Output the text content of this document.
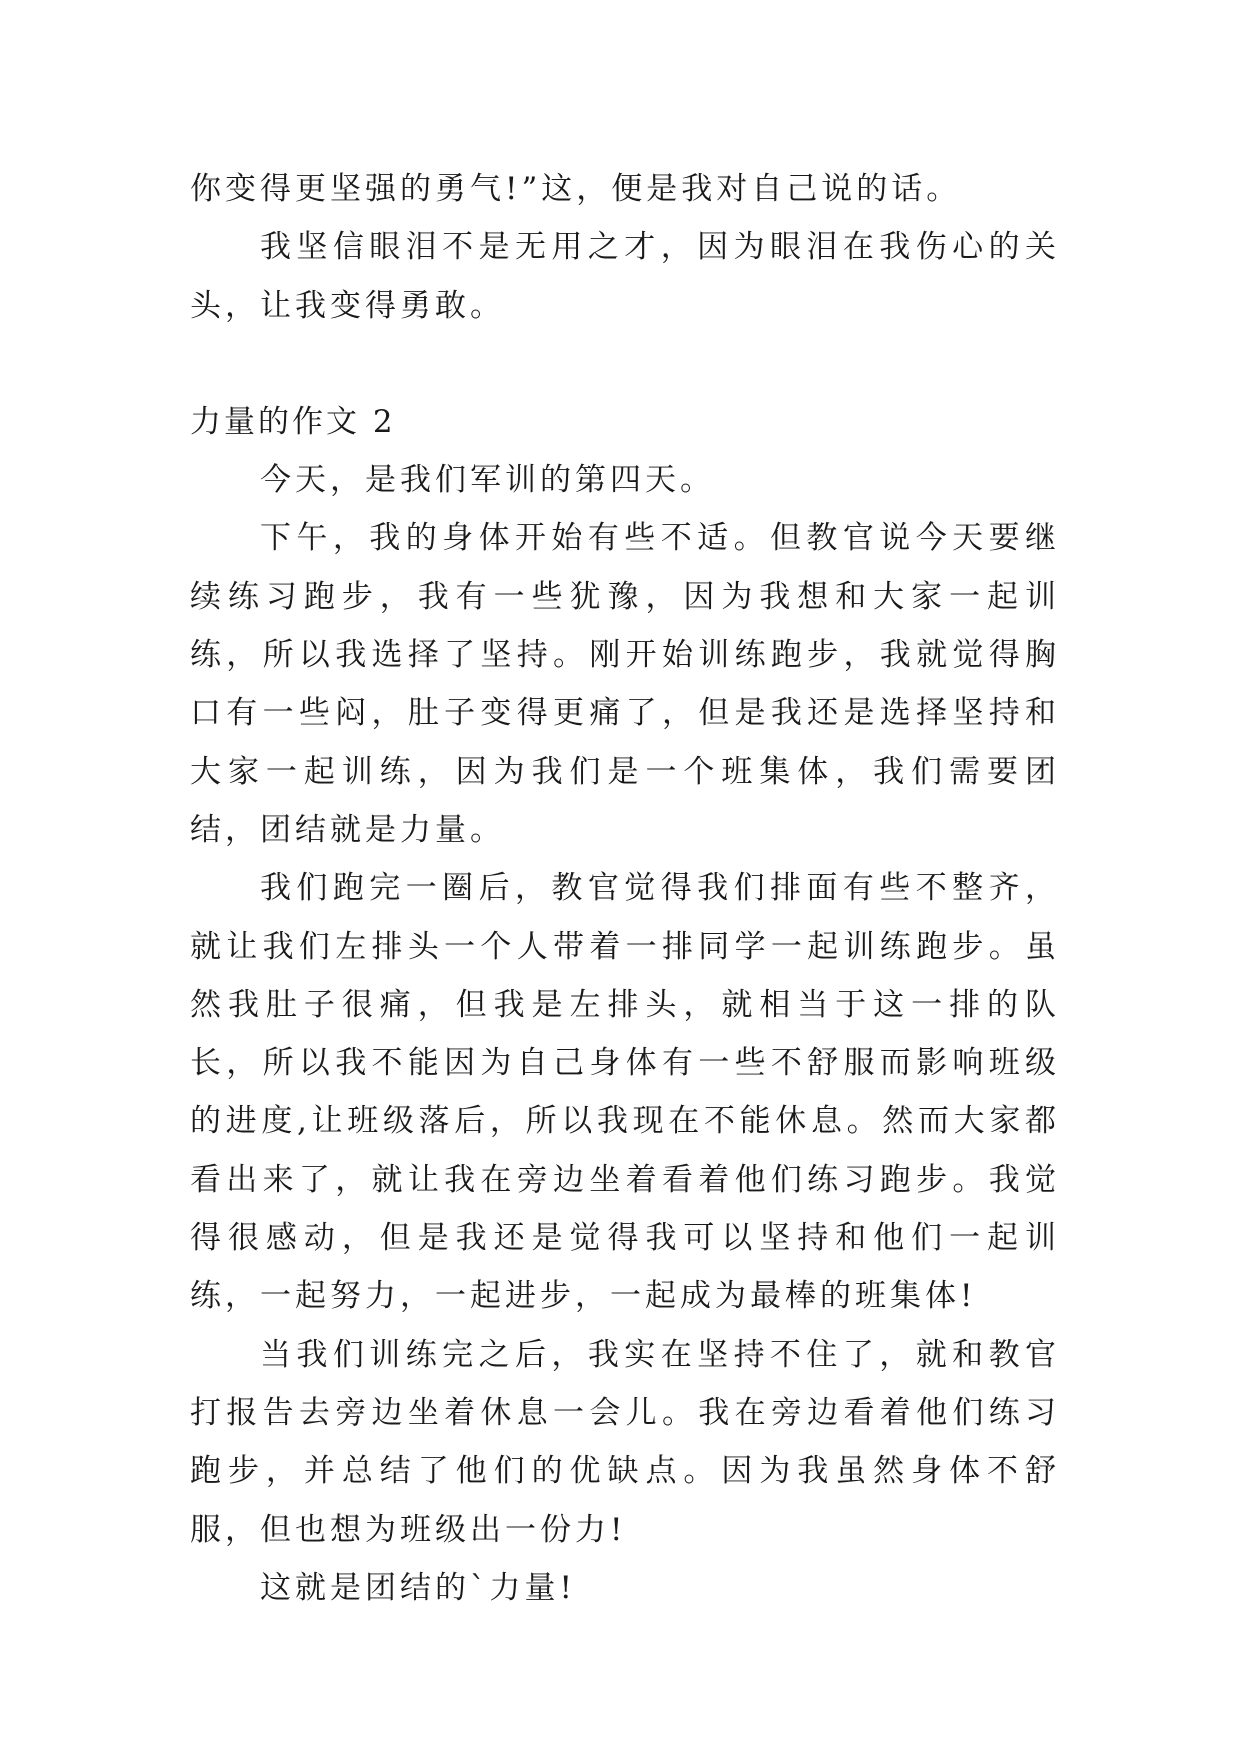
你变得更坚强的勇气!”这，便是我对自己说的话。

我坚信眼泪不是无用之才，因为眼泪在我伤心的关头，让我变得勇敢。

力量的作文 2

今天，是我们军训的第四天。

下午，我的身体开始有些不适。但教官说今天要继续练习跑步，我有一些犹豫，因为我想和大家一起训练，所以我选择了坚持。刚开始训练跑步，我就觉得胸口有一些闷，肚子变得更痛了，但是我还是选择坚持和大家一起训练，因为我们是一个班集体，我们需要团结，团结就是力量。

我们跑完一圈后，教官觉得我们排面有些不整齐，就让我们左排头一个人带着一排同学一起训练跑步。虽然我肚子很痛，但我是左排头，就相当于这一排的队长，所以我不能因为自己身体有一些不舒服而影响班级的进度,让班级落后，所以我现在不能休息。然而大家都看出来了，就让我在旁边坐着看着他们练习跑步。我觉得很感动，但是我还是觉得我可以坚持和他们一起训练，一起努力，一起进步，一起成为最棒的班集体!

当我们训练完之后，我实在坚持不住了，就和教官打报告去旁边坐着休息一会儿。我在旁边看着他们练习跑步，并总结了他们的优缺点。因为我虽然身体不舒服，但也想为班级出一份力!

这就是团结的`力量!
